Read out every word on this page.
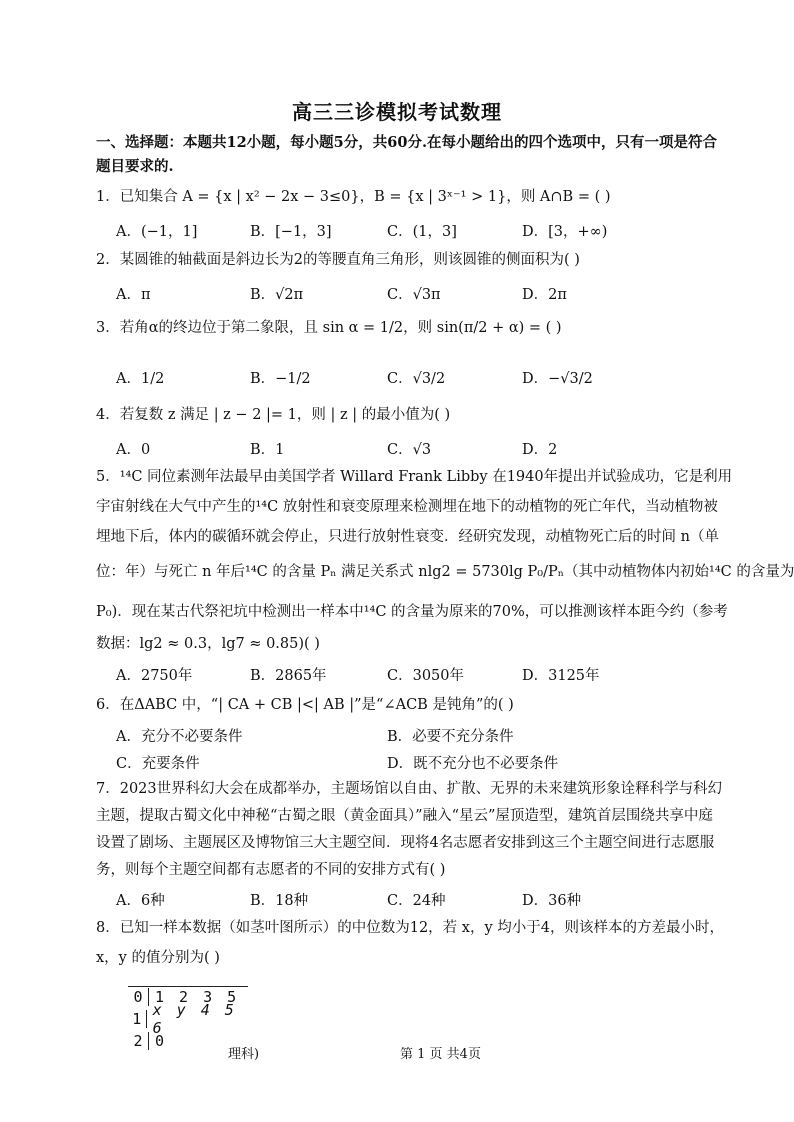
高三三诊模拟考试数理
一、选择题：本题共12小题，每小题5分，共60分.在每小题给出的四个选项中，只有一项是符合
题目要求的.
1．已知集合 A = {x | x² − 2x − 3≤0}，B = {x | 3ˣ⁻¹ > 1}，则 A∩B = ( )
A．(−1，1]	B．[−1，3]	C．(1，3]	D．[3，+∞)
2．某圆锥的轴截面是斜边长为2的等腰直角三角形，则该圆锥的侧面积为( )
A．π	B．√2π	C．√3π	D．2π
3．若角α的终边位于第二象限，且 sin α = 1/2，则 sin(π/2 + α) = ( )
A．1/2	B．−1/2	C．√3/2	D．−√3/2
4．若复数 z 满足 | z − 2 |= 1，则 | z | 的最小值为( )
A．0	B．1	C．√3	D．2
5．¹⁴C 同位素测年法最早由美国学者 Willard Frank Libby 在1940年提出并试验成功，它是利用
宇宙射线在大气中产生的¹⁴C 放射性和衰变原理来检测埋在地下的动植物的死亡年代，当动植物被
埋地下后，体内的碳循环就会停止，只进行放射性衰变．经研究发现，动植物死亡后的时间 n（单
位：年）与死亡 n 年后¹⁴C 的含量 Pₙ 满足关系式 nlg2 = 5730lg P₀/Pₙ（其中动植物体内初始¹⁴C 的含量为
P₀)．现在某古代祭祀坑中检测出一样本中¹⁴C 的含量为原来的70%，可以推测该样本距今约（参考
数据：lg2 ≈ 0.3，lg7 ≈ 0.85)( )
A．2750年	B．2865年	C．3050年	D．3125年
6．在ΔABC 中，“| CA + CB |<| AB |”是“∠ACB 是钝角”的( )
A．充分不必要条件	B．必要不充分条件
C．充要条件	D．既不充分也不必要条件
7．2023世界科幻大会在成都举办，主题场馆以自由、扩散、无界的未来建筑形象诠释科学与科幻
主题，提取古蜀文化中神秘“古蜀之眼（黄金面具）”融入“星云”屋顶造型，建筑首层围绕共享中庭
设置了剧场、主题展区及博物馆三大主题空间．现将4名志愿者安排到这三个主题空间进行志愿服
务，则每个主题空间都有志愿者的不同的安排方式有( )
A．6种	B．18种	C．24种	D．36种
8．已知一样本数据（如茎叶图所示）的中位数为12，若 x，y 均小于4，则该样本的方差最小时，
x，y 的值分别为( )
0 1 2 3 5
1 x y 4 5 6
2 0
理科)	第 1 页 共4页
